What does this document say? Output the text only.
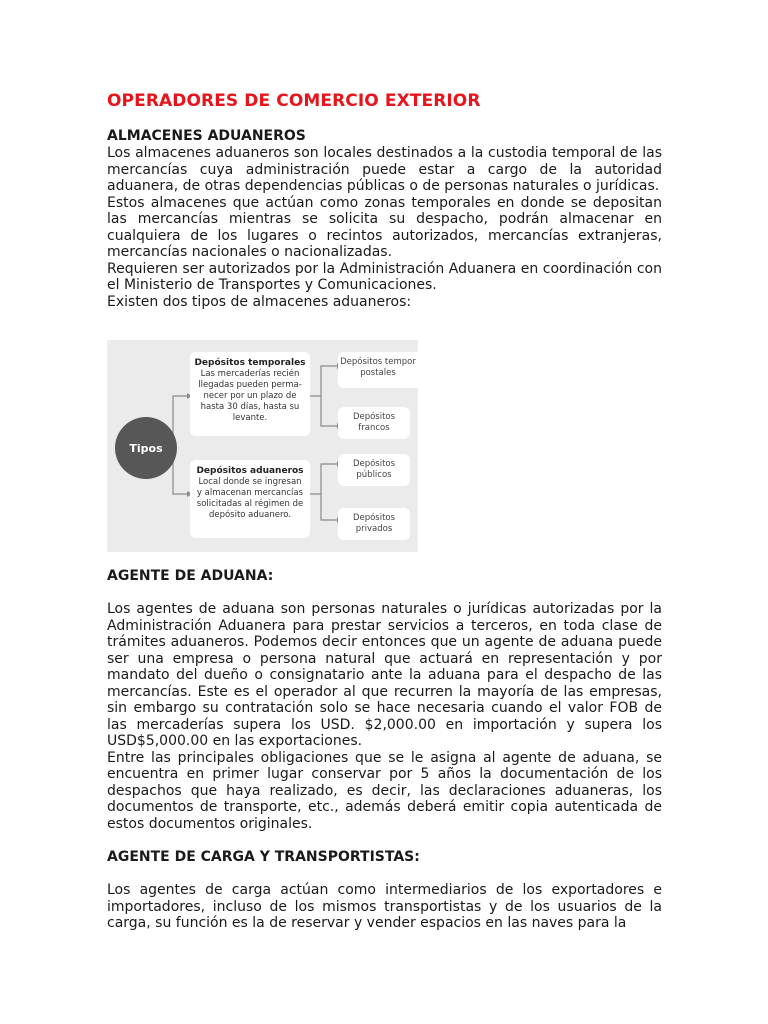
OPERADORES DE COMERCIO EXTERIOR
ALMACENES ADUANEROS

Los almacenes aduaneros son locales destinados a la custodia temporal de las mercancías cuya administración puede estar a cargo de la autoridad aduanera, de otras dependencias públicas o de personas naturales o jurídicas.

Estos almacenes que actúan como zonas temporales en donde se depositan las mercancías mientras se solicita su despacho, podrán almacenar en cualquiera de los lugares o recintos autorizados, mercancías extranjeras, mercancías nacionales o nacionalizadas.

Requieren ser autorizados por la Administración Aduanera en coordinación con el Ministerio de Transportes y Comunicaciones.

Existen dos tipos de almacenes aduaneros:

Tipos
Depósitos temporales
Las mercaderías recién
llegadas pueden perma-
necer por un plazo de
hasta 30 días, hasta su
levante.
Depósitos aduaneros
Local donde se ingresan
y almacenan mercancías
solicitadas al régimen de
depósito aduanero.
Depósitos tempor
postales
Depósitos
francos
Depósitos
públicos
Depósitos
privados
AGENTE DE ADUANA:

Los agentes de aduana son personas naturales o jurídicas autorizadas por la Administración Aduanera para prestar servicios a terceros, en toda clase de trámites aduaneros. Podemos decir entonces que un agente de aduana puede ser una empresa o persona natural que actuará en representación y por mandato del dueño o consignatario ante la aduana para el despacho de las mercancías. Este es el operador al que recurren la mayoría de las empresas, sin embargo su contratación solo se hace necesaria cuando el valor FOB de las mercaderías supera los USD. $2,000.00 en importación y supera los USD$5,000.00 en las exportaciones.

Entre las principales obligaciones que se le asigna al agente de aduana, se encuentra en primer lugar conservar por 5 años la documentación de los despachos que haya realizado, es decir, las declaraciones aduaneras, los documentos de transporte, etc., además deberá emitir copia autenticada de estos documentos originales.

AGENTE DE CARGA Y TRANSPORTISTAS:

Los agentes de carga actúan como intermediarios de los exportadores e importadores, incluso de los mismos transportistas y de los usuarios de la carga, su función es la de reservar y vender espacios en las naves para la
